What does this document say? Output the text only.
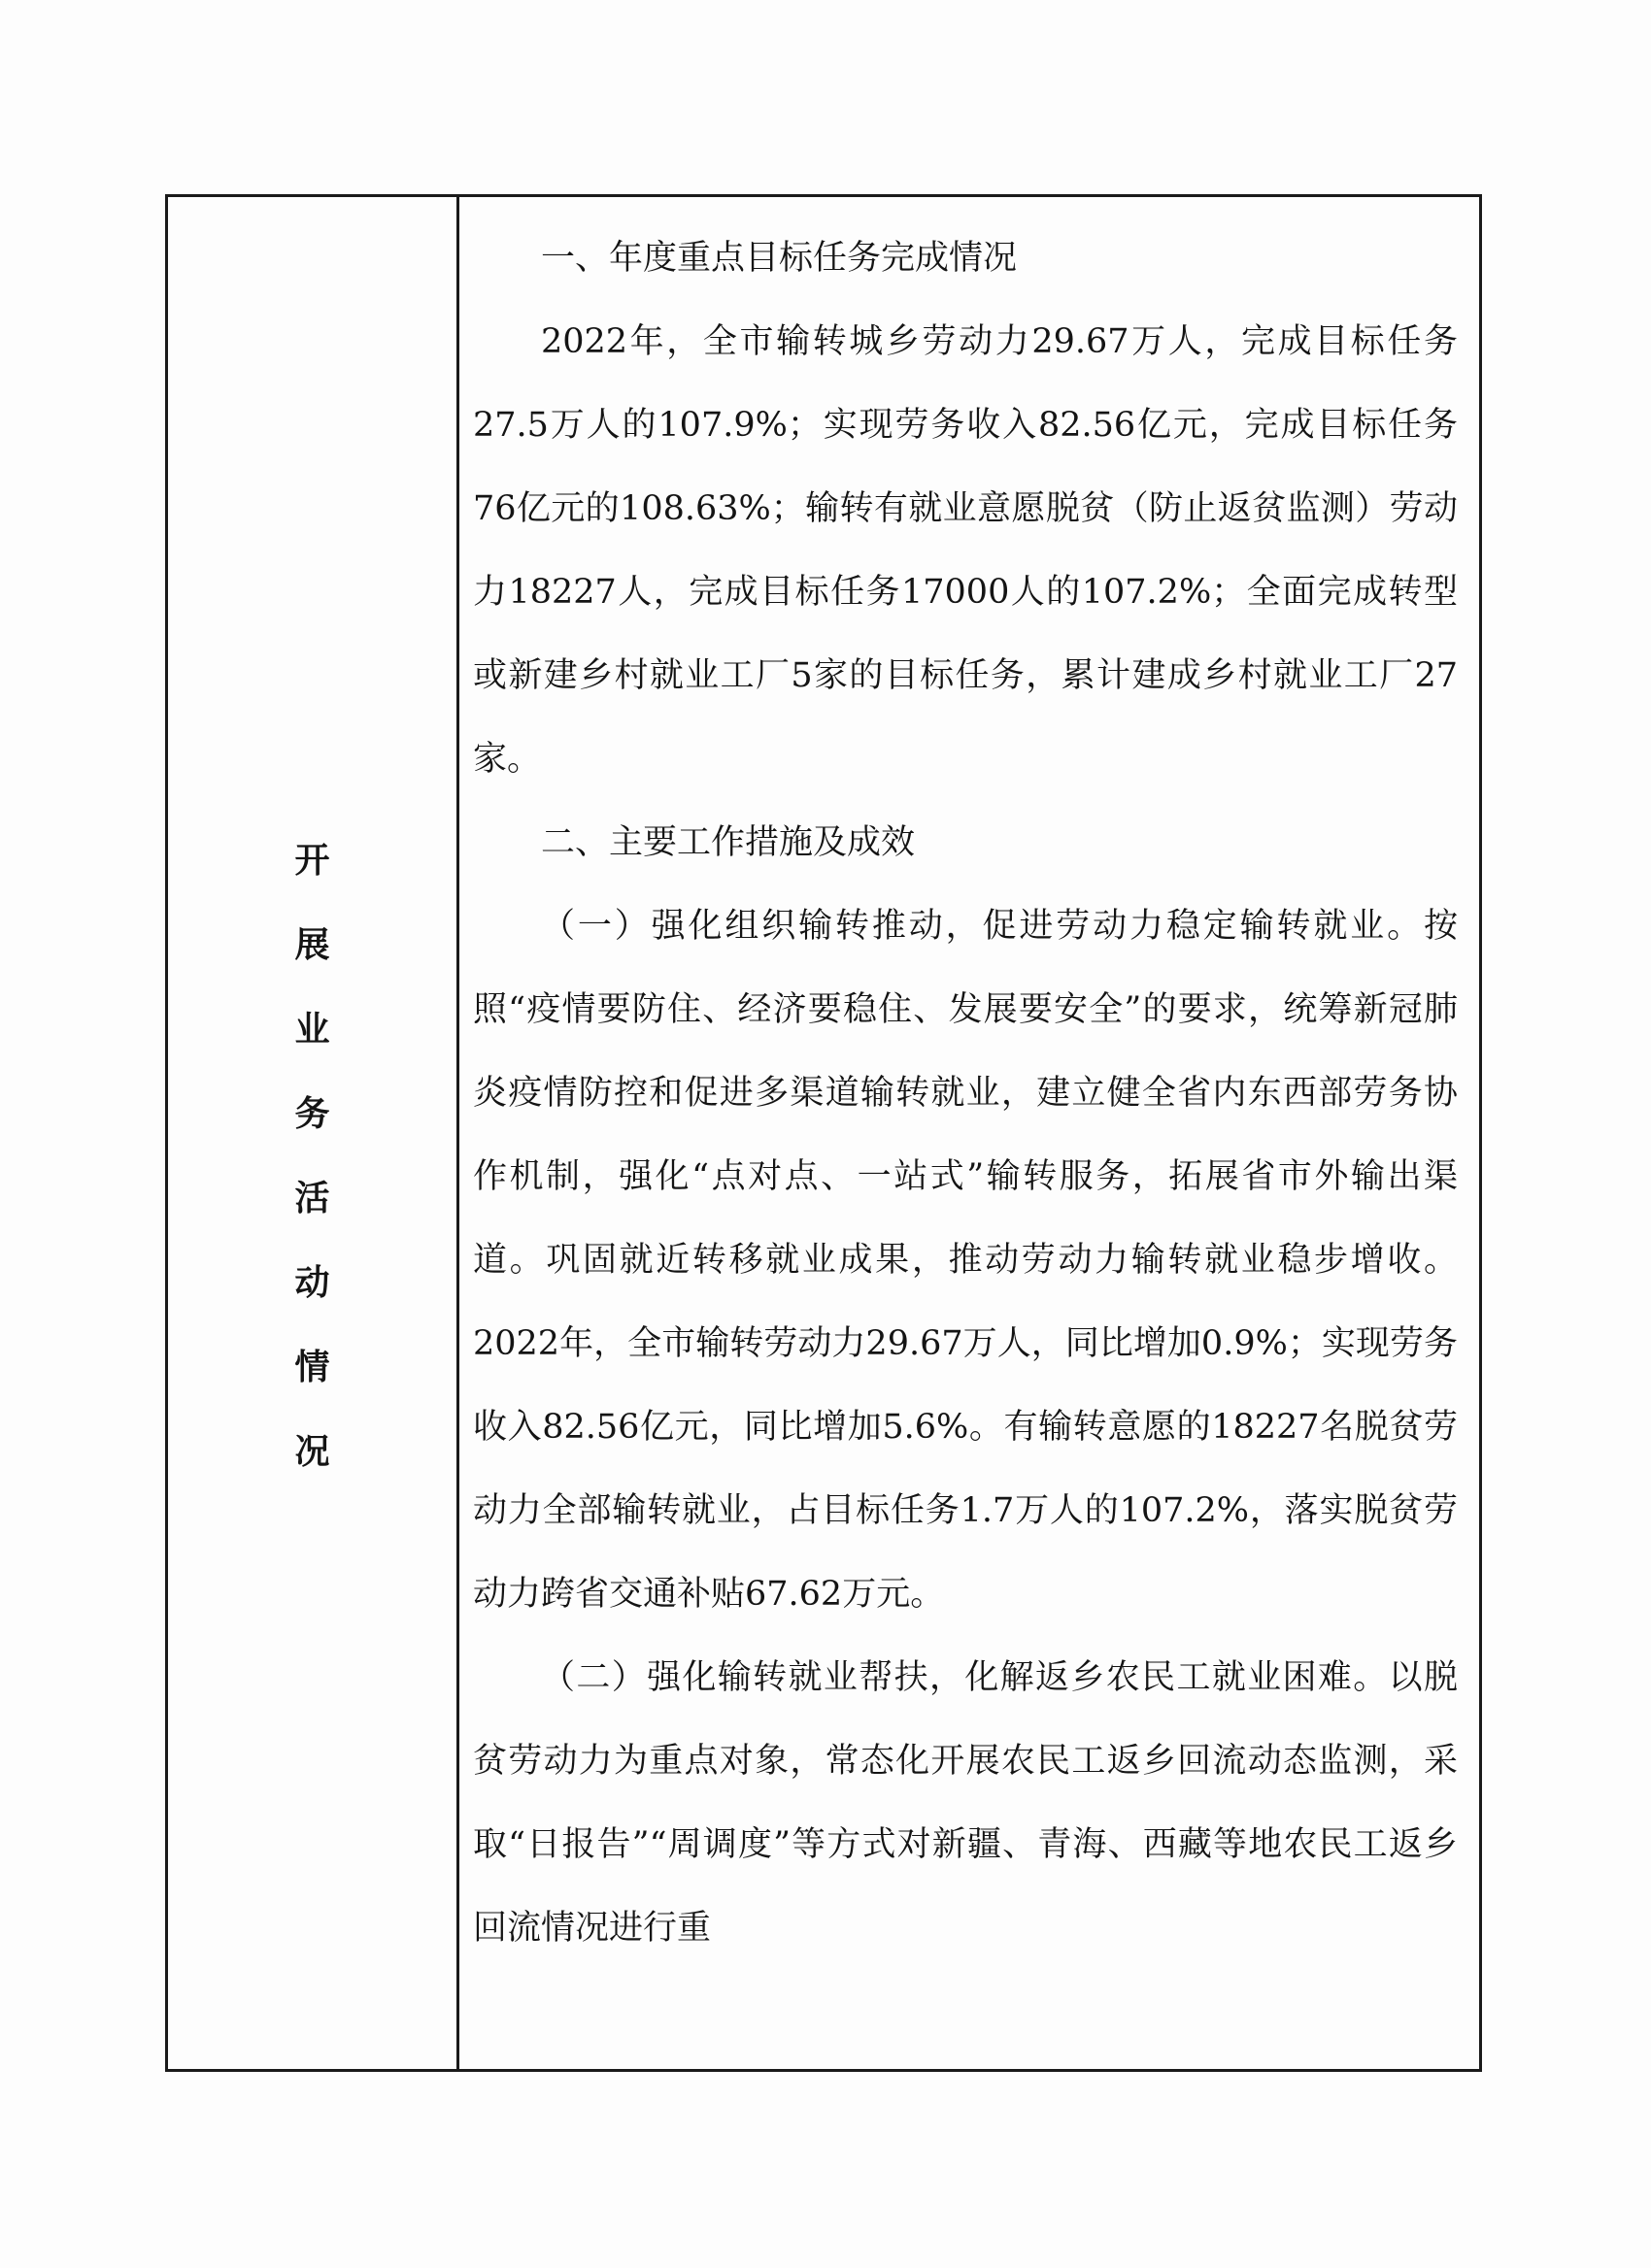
开
展
业
务
活
动
情
况

一、年度重点目标任务完成情况

2022年，全市输转城乡劳动力29.67万人，完成目标任务27.5万人的107.9%；实现劳务收入82.56亿元，完成目标任务76亿元的108.63%；输转有就业意愿脱贫（防止返贫监测）劳动力18227人，完成目标任务17000人的107.2%；全面完成转型或新建乡村就业工厂5家的目标任务，累计建成乡村就业工厂27家。

二、主要工作措施及成效

（一）强化组织输转推动，促进劳动力稳定输转就业。按照“疫情要防住、经济要稳住、发展要安全”的要求，统筹新冠肺炎疫情防控和促进多渠道输转就业，建立健全省内东西部劳务协作机制，强化“点对点、一站式”输转服务，拓展省市外输出渠道。巩固就近转移就业成果，推动劳动力输转就业稳步增收。2022年，全市输转劳动力29.67万人，同比增加0.9%；实现劳务收入82.56亿元，同比增加5.6%。有输转意愿的18227名脱贫劳动力全部输转就业，占目标任务1.7万人的107.2%，落实脱贫劳动力跨省交通补贴67.62万元。

（二）强化输转就业帮扶，化解返乡农民工就业困难。以脱贫劳动力为重点对象，常态化开展农民工返乡回流动态监测，采取“日报告”“周调度”等方式对新疆、青海、西藏等地农民工返乡回流情况进行重
